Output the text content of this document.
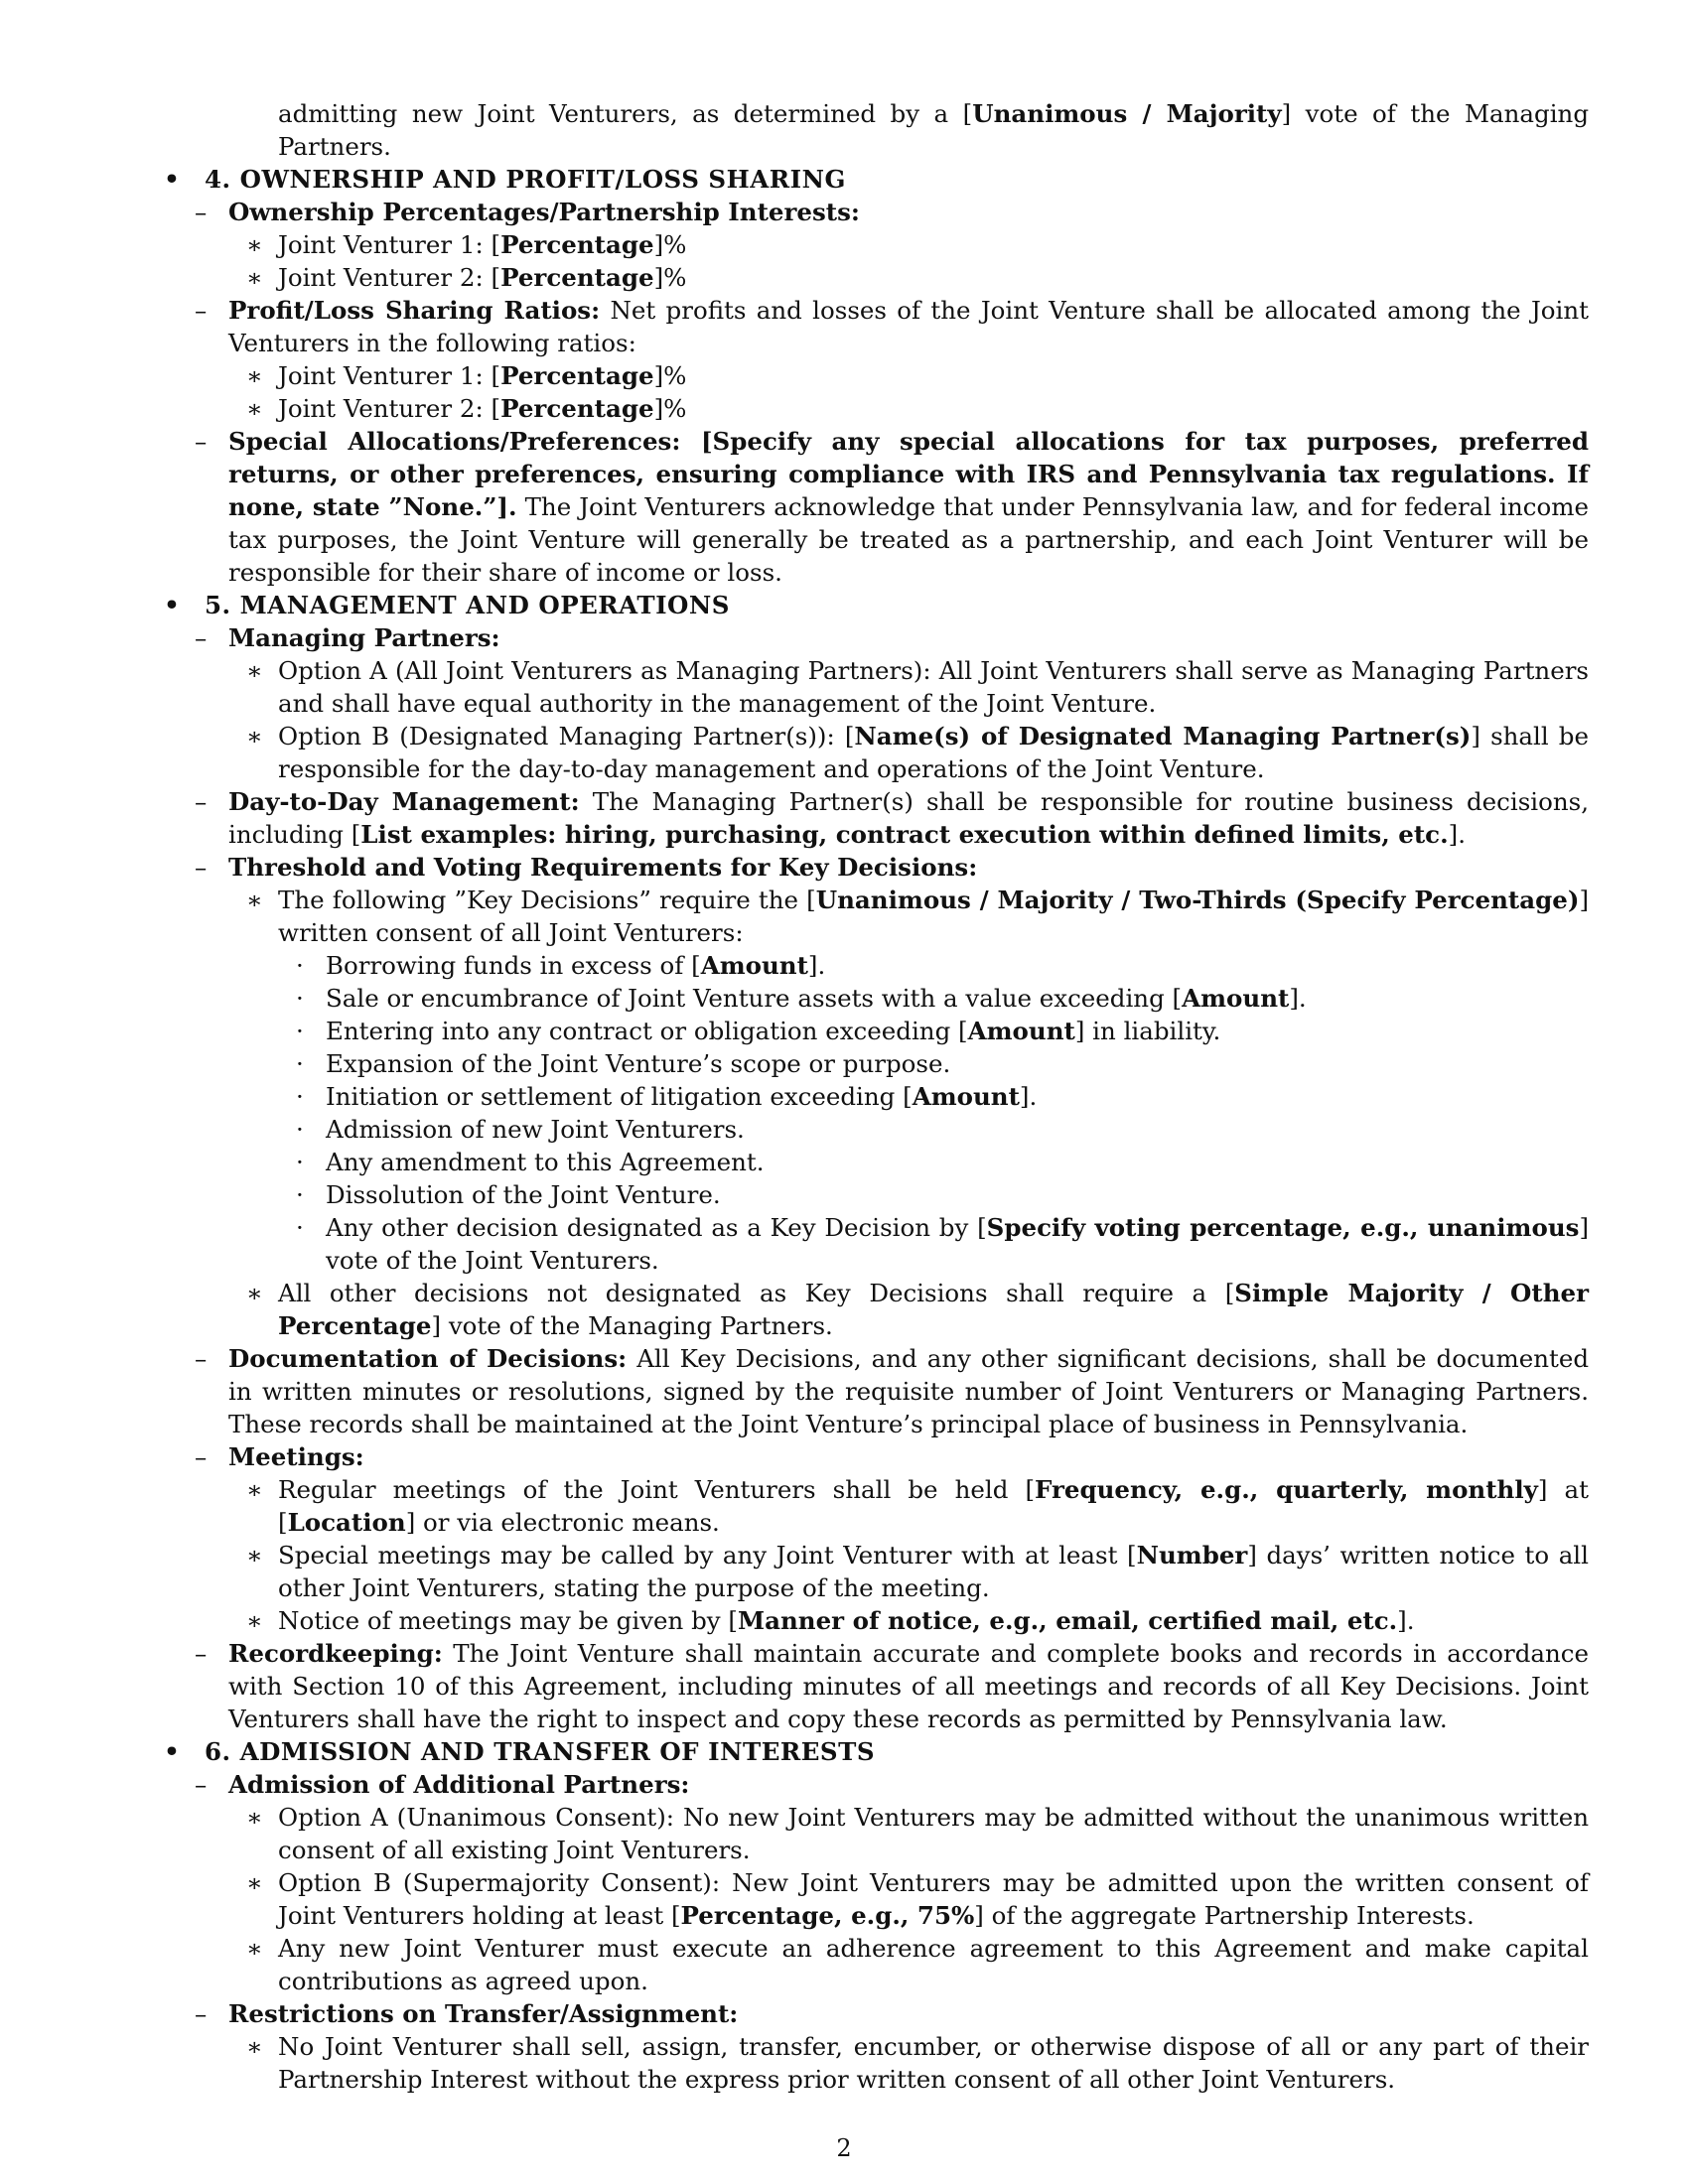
admitting new Joint Venturers, as determined by a [Unanimous / Majority] vote of the Managing Partners.
•	4. OWNERSHIP AND PROFIT/LOSS SHARING
– Ownership Percentages/Partnership Interests:
∗ Joint Venturer 1: [Percentage]%
∗ Joint Venturer 2: [Percentage]%
– Profit/Loss Sharing Ratios: Net profits and losses of the Joint Venture shall be allocated among the Joint Venturers in the following ratios:
∗ Joint Venturer 1: [Percentage]%
∗ Joint Venturer 2: [Percentage]%
– Special Allocations/Preferences: [Specify any special allocations for tax purposes, preferred returns, or other preferences, ensuring compliance with IRS and Pennsylvania tax regulations. If none, state ”None.”]. The Joint Venturers acknowledge that under Pennsylvania law, and for federal income tax purposes, the Joint Venture will generally be treated as a partnership, and each Joint Venturer will be responsible for their share of income or loss.
•	5. MANAGEMENT AND OPERATIONS
– Managing Partners:
∗ Option A (All Joint Venturers as Managing Partners): All Joint Venturers shall serve as Managing Partners and shall have equal authority in the management of the Joint Venture.
∗ Option B (Designated Managing Partner(s)): [Name(s) of Designated Managing Partner(s)] shall be responsible for the day-to-day management and operations of the Joint Venture.
– Day-to-Day Management: The Managing Partner(s) shall be responsible for routine business decisions, including [List examples: hiring, purchasing, contract execution within defined limits, etc.].
– Threshold and Voting Requirements for Key Decisions:
∗ The following ”Key Decisions” require the [Unanimous / Majority / Two-Thirds (Specify Percentage)] written consent of all Joint Venturers:
· Borrowing funds in excess of [Amount].
· Sale or encumbrance of Joint Venture assets with a value exceeding [Amount].
· Entering into any contract or obligation exceeding [Amount] in liability.
· Expansion of the Joint Venture’s scope or purpose.
· Initiation or settlement of litigation exceeding [Amount].
· Admission of new Joint Venturers.
· Any amendment to this Agreement.
· Dissolution of the Joint Venture.
· Any other decision designated as a Key Decision by [Specify voting percentage, e.g., unanimous] vote of the Joint Venturers.
∗ All other decisions not designated as Key Decisions shall require a [Simple Majority / Other Percentage] vote of the Managing Partners.
– Documentation of Decisions: All Key Decisions, and any other significant decisions, shall be documented in written minutes or resolutions, signed by the requisite number of Joint Venturers or Managing Partners. These records shall be maintained at the Joint Venture’s principal place of business in Pennsylvania.
– Meetings:
∗ Regular meetings of the Joint Venturers shall be held [Frequency, e.g., quarterly, monthly] at [Location] or via electronic means.
∗ Special meetings may be called by any Joint Venturer with at least [Number] days’ written notice to all other Joint Venturers, stating the purpose of the meeting.
∗ Notice of meetings may be given by [Manner of notice, e.g., email, certified mail, etc.].
– Recordkeeping: The Joint Venture shall maintain accurate and complete books and records in accordance with Section 10 of this Agreement, including minutes of all meetings and records of all Key Decisions. Joint Venturers shall have the right to inspect and copy these records as permitted by Pennsylvania law.
•	6. ADMISSION AND TRANSFER OF INTERESTS
– Admission of Additional Partners:
∗ Option A (Unanimous Consent): No new Joint Venturers may be admitted without the unanimous written consent of all existing Joint Venturers.
∗ Option B (Supermajority Consent): New Joint Venturers may be admitted upon the written consent of Joint Venturers holding at least [Percentage, e.g., 75%] of the aggregate Partnership Interests.
∗ Any new Joint Venturer must execute an adherence agreement to this Agreement and make capital contributions as agreed upon.
– Restrictions on Transfer/Assignment:
∗ No Joint Venturer shall sell, assign, transfer, encumber, or otherwise dispose of all or any part of their Partnership Interest without the express prior written consent of all other Joint Venturers.
2
